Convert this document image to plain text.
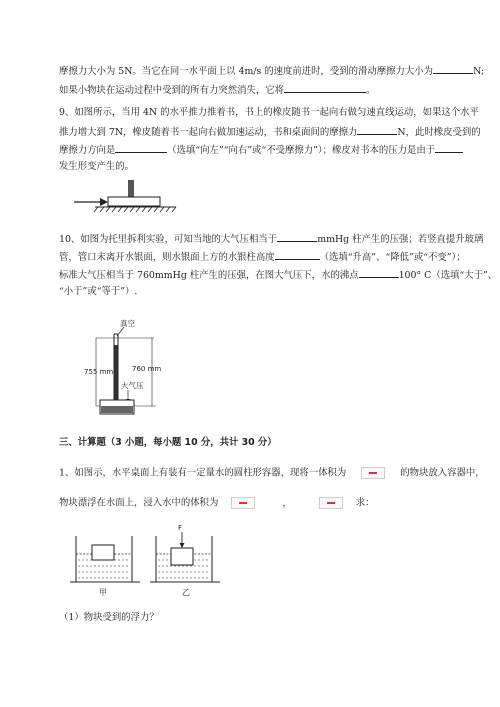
摩擦力大小为 5N。当它在同一水平面上以 4m/s 的速度前进时，受到的滑动摩擦力大小为	N;
如果小物块在运动过程中受到的所有力突然消失，它将	。
9、如图所示，当用 4N 的水平推力推着书，书上的橡皮随书一起向右做匀速直线运动，如果这个水平
推力增大到 7N，橡皮随着书一起向右做加速运动，书和桌面间的摩擦力	N，此时橡皮受到的
摩擦力方向是	（选填“向左”“向右”或“不受摩擦力”）；橡皮对书本的压力是由于
发生形变产生的。
10、如图为托里拆利实验，可知当地的大气压相当于	mmHg 柱产生的压强；若竖直提升玻璃
管，管口未离开水银面，则水银面上方的水银柱高度	（选填“升高”、“降低”或“不变”）；
标准大气压相当于 760mmHg 柱产生的压强，在图大气压下，水的沸点	100° C（选填“大于”、
“小于”或“等于”）.
真空
755 mm	760 mm
大气压
三、计算题（3 小题，每小题 10 分，共计 30 分）
1、如图示，水平桌面上有装有一定量水的圆柱形容器，现将一体积为	的物块放入容器中，
物块漂浮在水面上，浸入水中的体积为	，	求：
甲
F
乙
（1）物块受到的浮力？
